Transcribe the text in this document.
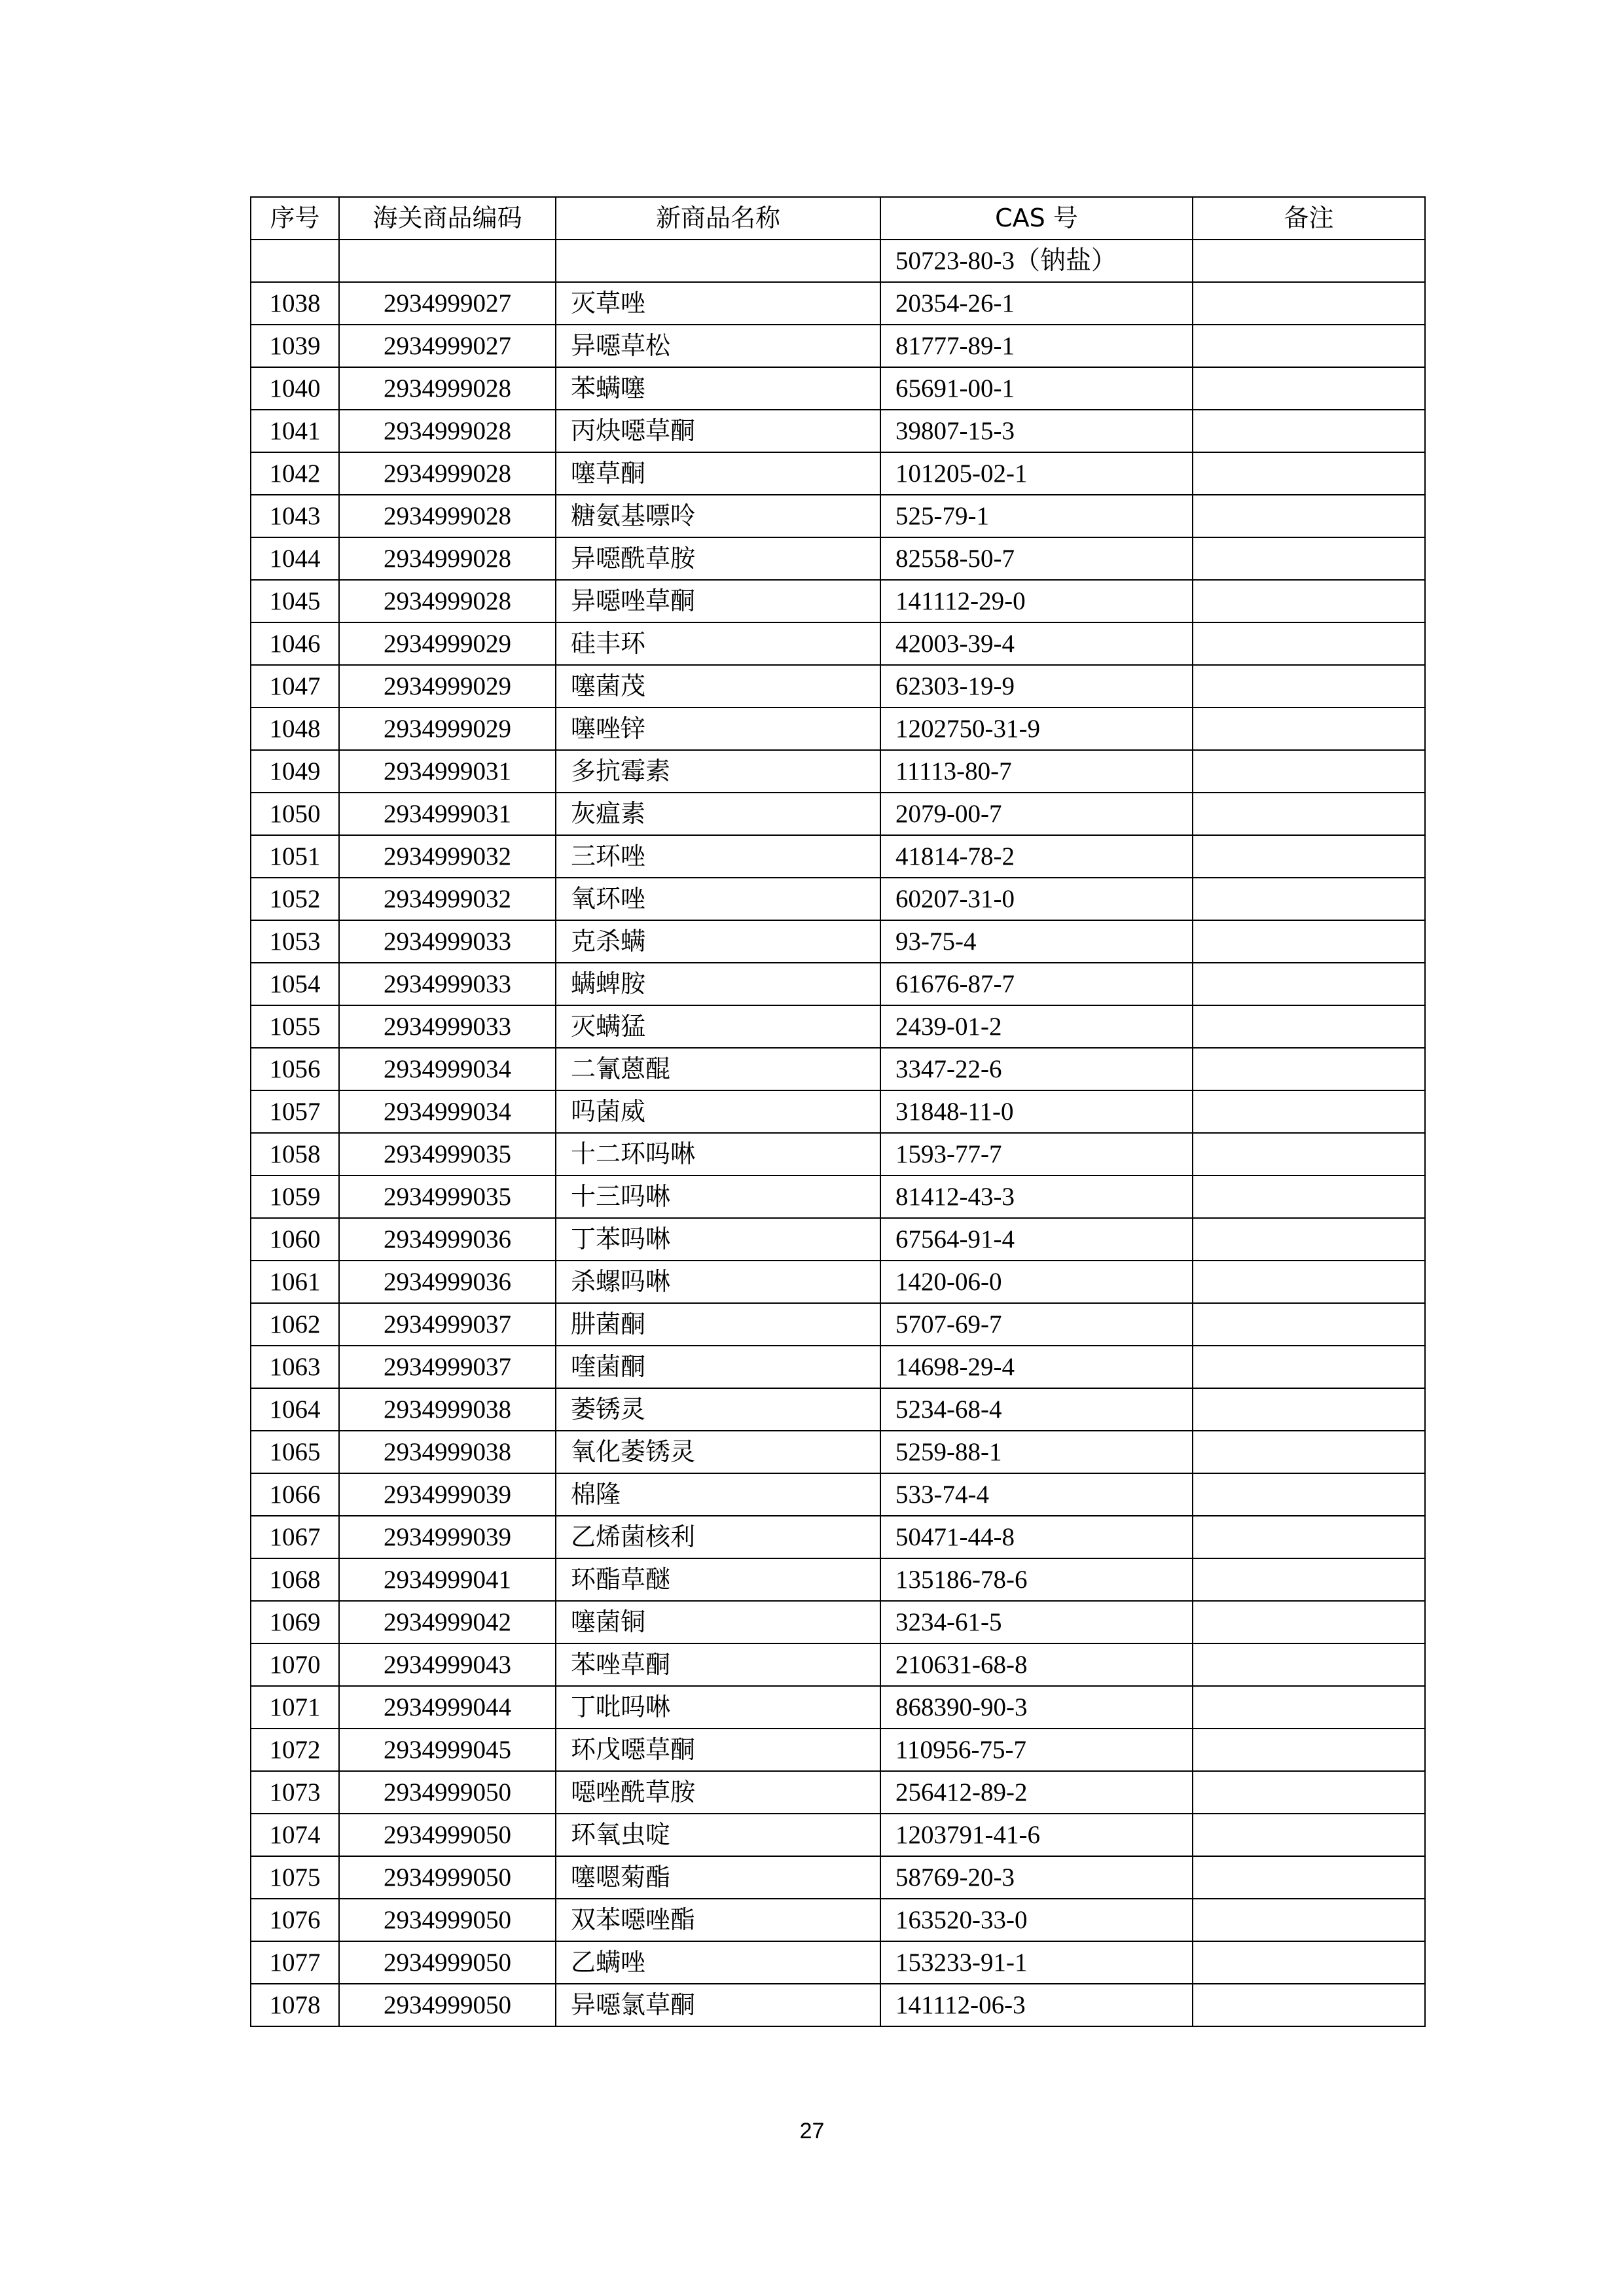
序号	海关商品编码	新商品名称	CAS 号	备注
			50723-80-3（钠盐）	
1038	2934999027	灭草唑	20354-26-1	
1039	2934999027	异噁草松	81777-89-1	
1040	2934999028	苯螨噻	65691-00-1	
1041	2934999028	丙炔噁草酮	39807-15-3	
1042	2934999028	噻草酮	101205-02-1	
1043	2934999028	糖氨基嘌呤	525-79-1	
1044	2934999028	异噁酰草胺	82558-50-7	
1045	2934999028	异噁唑草酮	141112-29-0	
1046	2934999029	硅丰环	42003-39-4	
1047	2934999029	噻菌茂	62303-19-9	
1048	2934999029	噻唑锌	1202750-31-9	
1049	2934999031	多抗霉素	11113-80-7	
1050	2934999031	灰瘟素	2079-00-7	
1051	2934999032	三环唑	41814-78-2	
1052	2934999032	氧环唑	60207-31-0	
1053	2934999033	克杀螨	93-75-4	
1054	2934999033	螨蜱胺	61676-87-7	
1055	2934999033	灭螨猛	2439-01-2	
1056	2934999034	二氰蒽醌	3347-22-6	
1057	2934999034	吗菌威	31848-11-0	
1058	2934999035	十二环吗啉	1593-77-7	
1059	2934999035	十三吗啉	81412-43-3	
1060	2934999036	丁苯吗啉	67564-91-4	
1061	2934999036	杀螺吗啉	1420-06-0	
1062	2934999037	肼菌酮	5707-69-7	
1063	2934999037	喹菌酮	14698-29-4	
1064	2934999038	萎锈灵	5234-68-4	
1065	2934999038	氧化萎锈灵	5259-88-1	
1066	2934999039	棉隆	533-74-4	
1067	2934999039	乙烯菌核利	50471-44-8	
1068	2934999041	环酯草醚	135186-78-6	
1069	2934999042	噻菌铜	3234-61-5	
1070	2934999043	苯唑草酮	210631-68-8	
1071	2934999044	丁吡吗啉	868390-90-3	
1072	2934999045	环戊噁草酮	110956-75-7	
1073	2934999050	噁唑酰草胺	256412-89-2	
1074	2934999050	环氧虫啶	1203791-41-6	
1075	2934999050	噻嗯菊酯	58769-20-3	
1076	2934999050	双苯噁唑酯	163520-33-0	
1077	2934999050	乙螨唑	153233-91-1	
1078	2934999050	异噁氯草酮	141112-06-3	
27
